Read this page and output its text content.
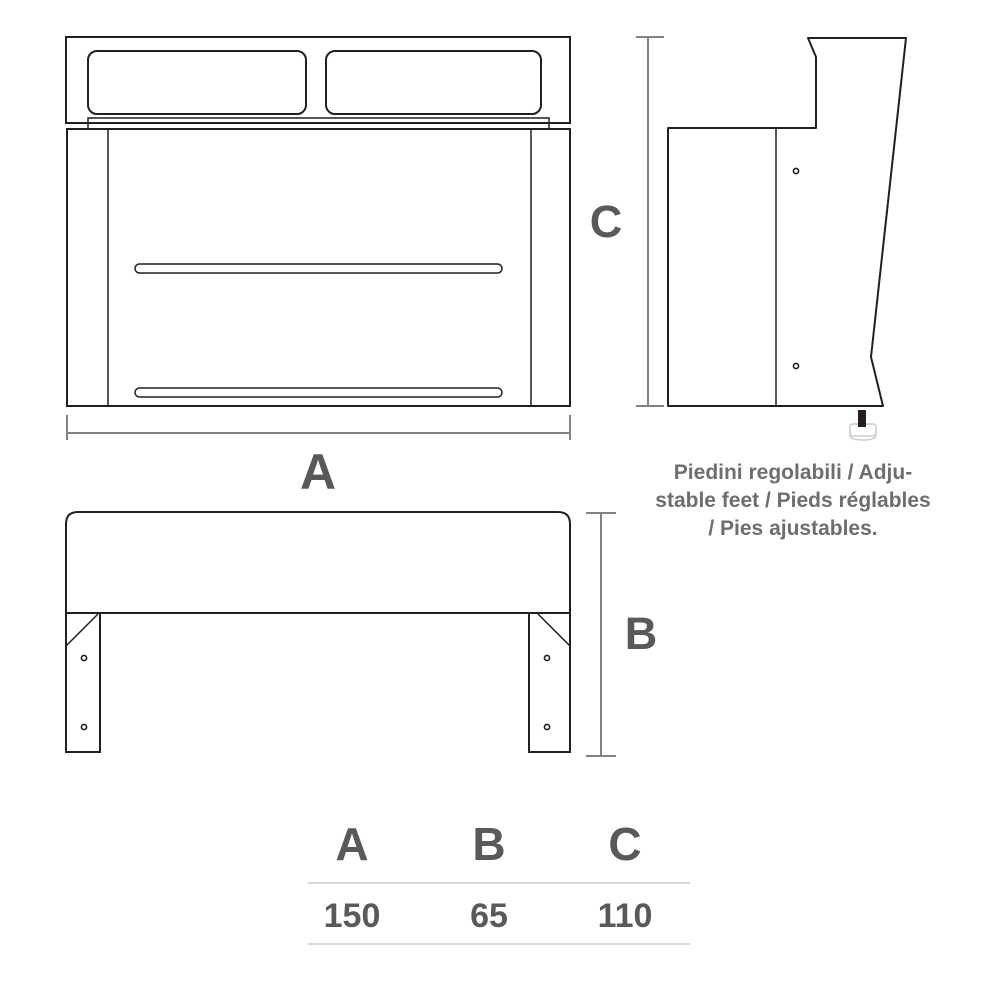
A
C
B
Piedini regolabili / Adju-
stable feet / Pieds réglables
/ Pies ajustables.
A	B	C
150	65	110
